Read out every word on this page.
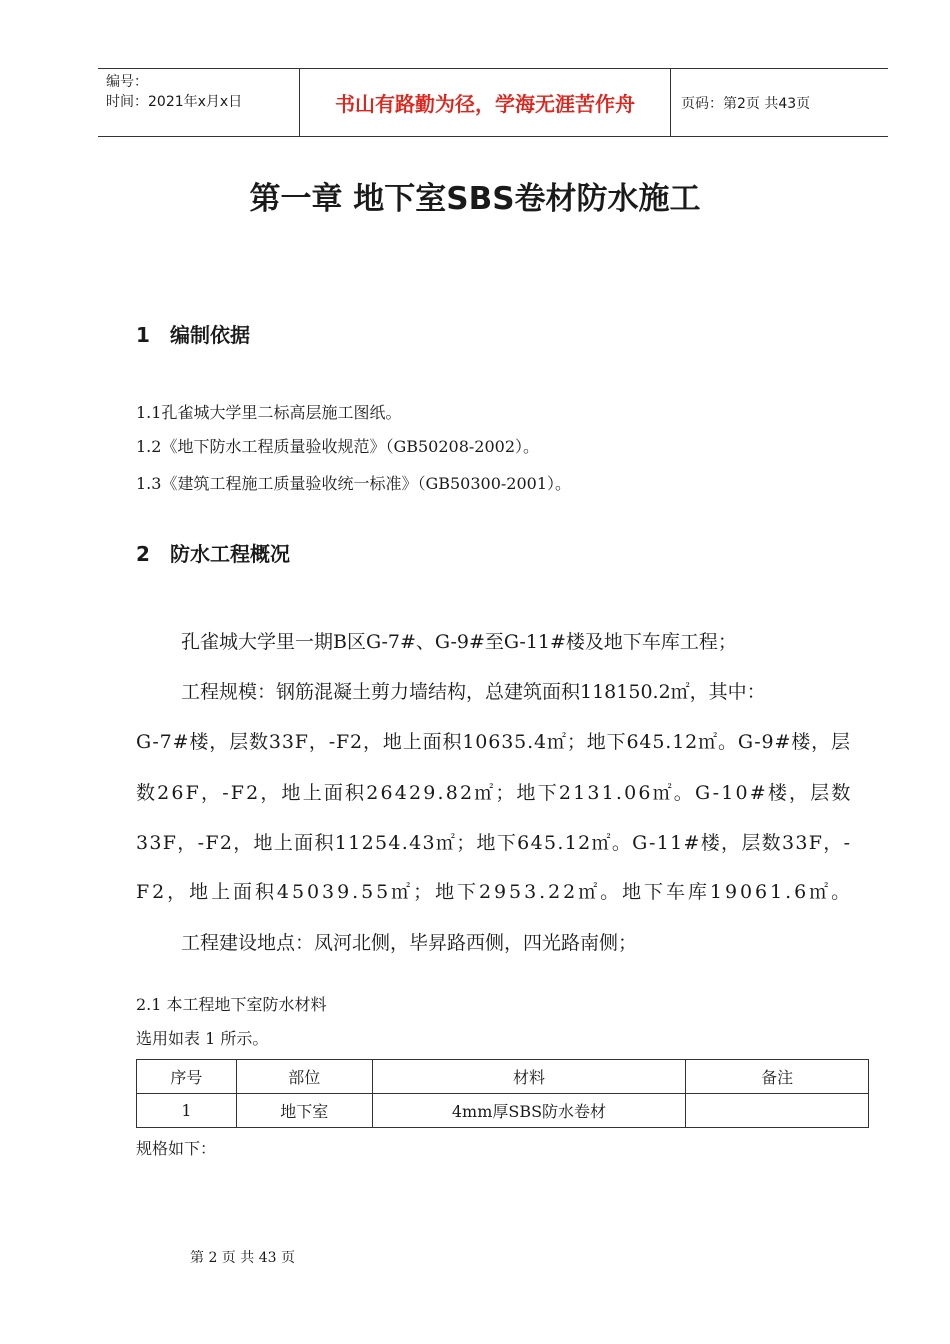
编号：
时间：2021年x月x日	书山有路勤为径，学海无涯苦作舟	页码：第2页 共43页
第一章 地下室SBS卷材防水施工
1 编制依据
1.1孔雀城大学里二标高层施工图纸。
1.2《地下防水工程质量验收规范》（GB50208-2002）。
1.3《建筑工程施工质量验收统一标准》（GB50300-2001）。
2 防水工程概况
孔雀城大学里一期B区G-7#、G-9#至G-11#楼及地下车库工程；
工程规模：钢筋混凝土剪力墙结构，总建筑面积118150.2㎡，其中：
G-7#楼，层数33F，-F2，地上面积10635.4㎡；地下645.12㎡。G-9#楼，层
数26F，-F2，地上面积26429.82㎡；地下2131.06㎡。G-10#楼，层数
33F，-F2，地上面积11254.43㎡；地下645.12㎡。G-11#楼，层数33F，-
F2，地上面积45039.55㎡；地下2953.22㎡。地下车库19061.6㎡。
工程建设地点：凤河北侧，毕昇路西侧，四光路南侧；
2.1 本工程地下室防水材料
选用如表 1 所示。
序号	部位	材料	备注
1	地下室	4mm厚SBS防水卷材	
规格如下：
第 2 页 共 43 页
